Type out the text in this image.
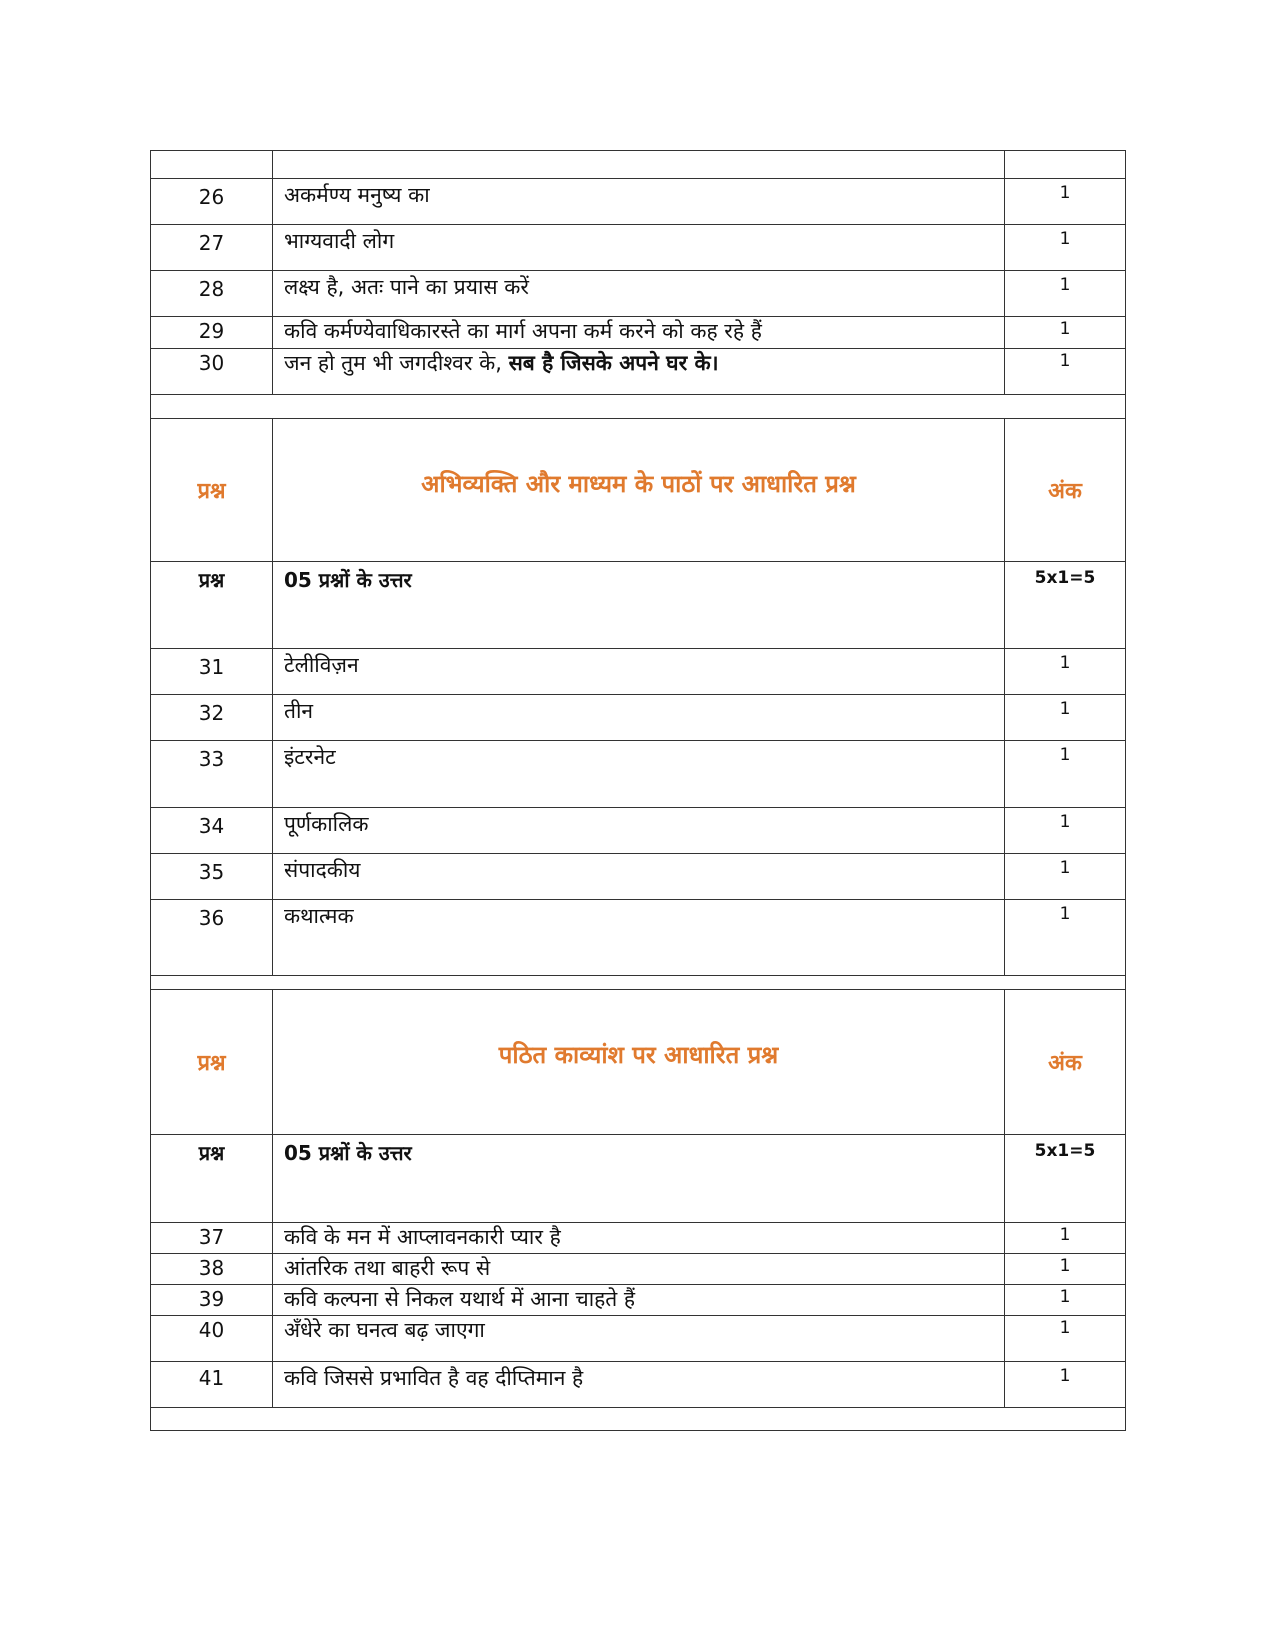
26	अकर्मण्य मनुष्य का	1
27	भाग्यवादी लोग	1
28	लक्ष्य है, अतः पाने का प्रयास करें	1
29	कवि कर्मण्येवाधिकारस्ते का मार्ग अपना कर्म करने को कह रहे हैं	1
30	जन हो तुम भी जगदीश्वर के, सब है जिसके अपने घर के।	1
प्रश्न	अभिव्यक्ति और माध्यम के पाठों पर आधारित प्रश्न	अंक
प्रश्न	05 प्रश्नों के उत्तर	5x1=5
31	टेलीविज़न	1
32	तीन	1
33	इंटरनेट	1
34	पूर्णकालिक	1
35	संपादकीय	1
36	कथात्मक	1
प्रश्न	पठित काव्यांश पर आधारित प्रश्न	अंक
प्रश्न	05 प्रश्नों के उत्तर	5x1=5
37	कवि के मन में आप्लावनकारी प्यार है	1
38	आंतरिक तथा बाहरी रूप से	1
39	कवि कल्पना से निकल यथार्थ में आना चाहते हैं	1
40	अँधेरे का घनत्व बढ़ जाएगा	1
41	कवि जिससे प्रभावित है वह दीप्तिमान है	1
